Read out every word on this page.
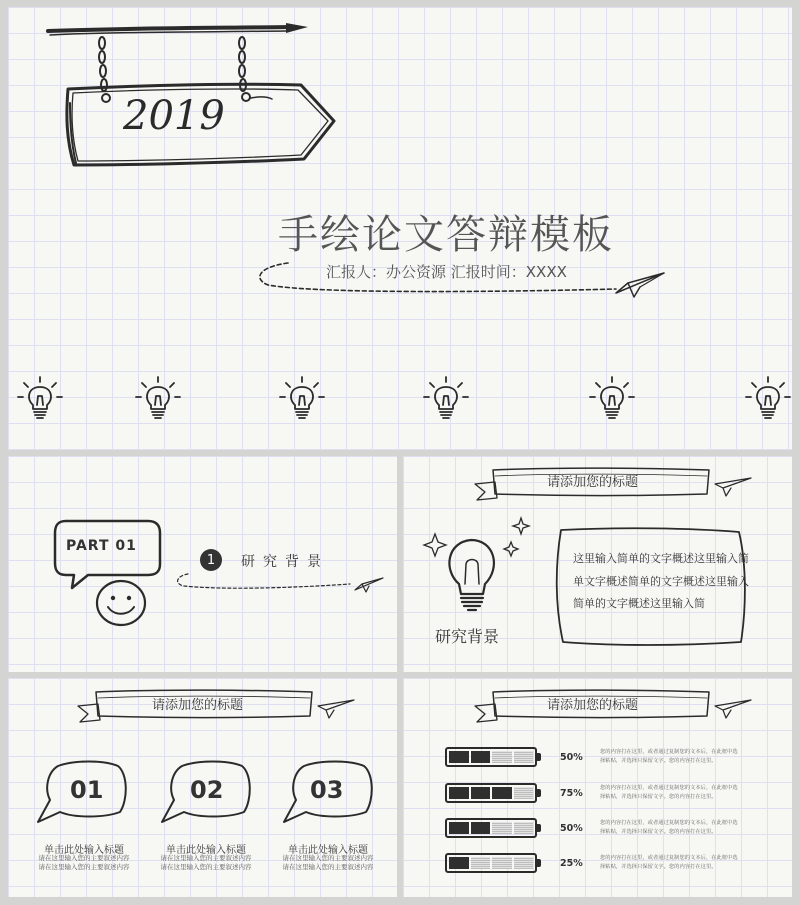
2019
手绘论文答辩模板
汇报人：办公资源 汇报时间：XXXX
PART 01
1	研究背景
请添加您的标题
研究背景
这里输入简单的文字概述这里输入简单文字概述简单的文字概述这里输入简单的文字概述这里输入简
请添加您的标题
01
单击此处输入标题
请在这里输入您的主要叙述内容
请在这里输入您的主要叙述内容
02
单击此处输入标题
请在这里输入您的主要叙述内容
请在这里输入您的主要叙述内容
03
单击此处输入标题
请在这里输入您的主要叙述内容
请在这里输入您的主要叙述内容
请添加您的标题
50%	您的内容打在这里，或者通过复制您的文本后，在此框中选
择粘贴，并选择只保留文字。您的内容打在这里。
75%	您的内容打在这里，或者通过复制您的文本后，在此框中选
择粘贴，并选择只保留文字。您的内容打在这里。
50%	您的内容打在这里，或者通过复制您的文本后，在此框中选
择粘贴，并选择只保留文字。您的内容打在这里。
25%	您的内容打在这里，或者通过复制您的文本后，在此框中选
择粘贴，并选择只保留文字。您的内容打在这里。
